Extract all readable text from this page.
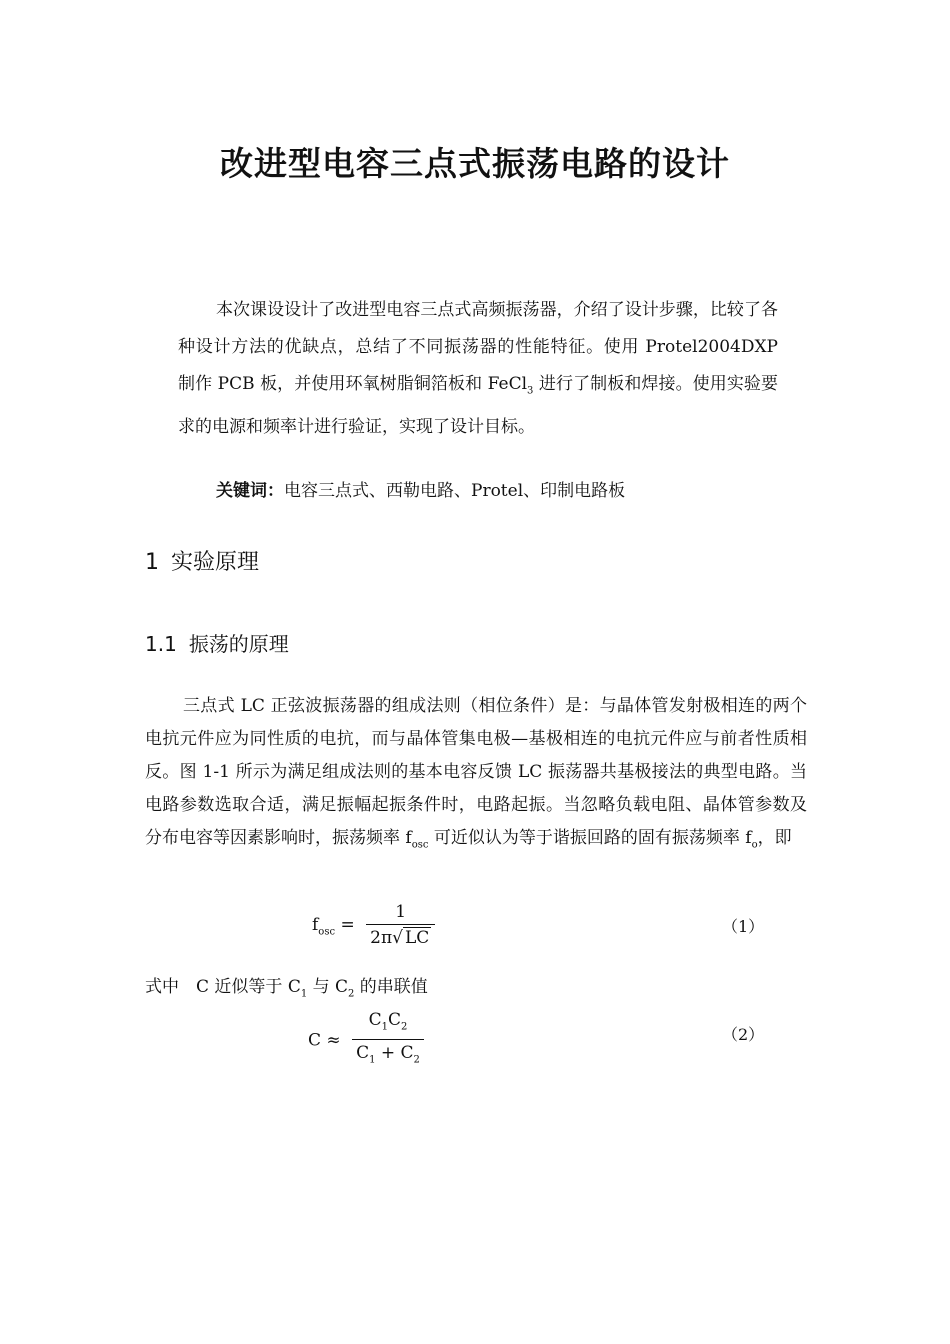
改进型电容三点式振荡电路的设计

本次课设设计了改进型电容三点式高频振荡器，介绍了设计步骤，比较了各种设计方法的优缺点，总结了不同振荡器的性能特征。使用 Protel2004DXP 制作 PCB 板，并使用环氧树脂铜箔板和 FeCl$_3$ 进行了制板和焊接。使用实验要求的电源和频率计进行验证，实现了设计目标。

关键词：电容三点式、西勒电路、Protel、印制电路板
1 实验原理
1.1 振荡的原理

三点式 LC 正弦波振荡器的组成法则（相位条件）是：与晶体管发射极相连的两个电抗元件应为同性质的电抗，而与晶体管集电极—基极相连的电抗元件应与前者性质相反。图 1-1 所示为满足组成法则的基本电容反馈 LC 振荡器共基极接法的典型电路。当电路参数选取合适，满足振幅起振条件时，电路起振。当忽略负载电阻、晶体管参数及分布电容等因素影响时，振荡频率 $f_{osc}$ 可近似认为等于谐振回路的固有振荡频率 $f_o$，即

$f_{osc} = \frac{1}{2\pi√ LC}$	（1）
式中　C 近似等于 $C_1$ 与 $C_2$ 的串联值
$C \approx \frac{C_1C_2}{C_1 + C_2}$	（2）
